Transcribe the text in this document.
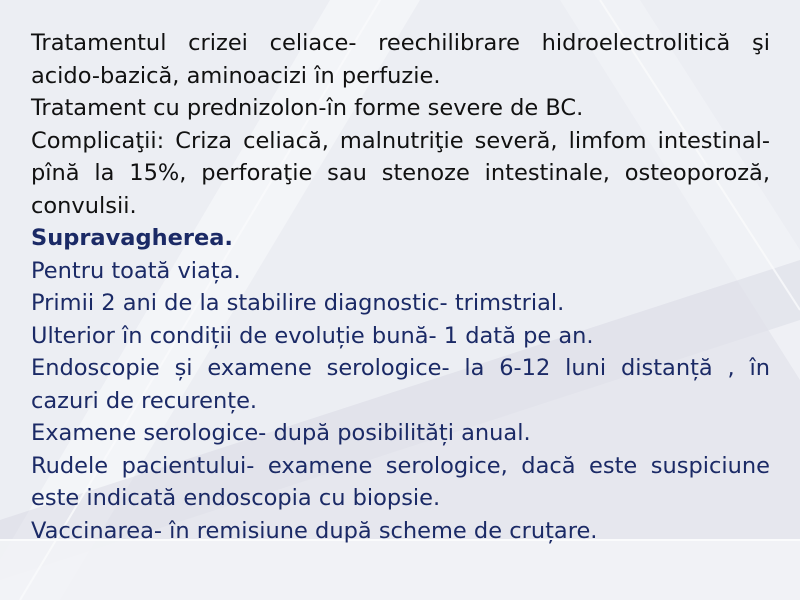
Tratamentul crizei celiace- reechilibrare hidroelectrolitică şi acido-bazică, aminoacizi în perfuzie.

Tratament cu prednizolon-în forme severe de BC.

Complicaţii: Criza celiacă, malnutriţie severă, limfom intestinal-pînă la 15%, perforaţie sau stenoze intestinale, osteoporoză, convulsii.

Supravagherea.

Pentru toată viața.

Primii 2 ani de la stabilire diagnostic- trimstrial.

Ulterior în condiții de evoluție bună- 1 dată pe an.

Endoscopie și examene serologice- la 6-12 luni distanță , în cazuri de recurențe.

Examene serologice- după posibilități anual.

Rudele pacientului- examene serologice, dacă este suspiciune este indicată endoscopia cu biopsie.

Vaccinarea- în remisiune după scheme de cruțare.
